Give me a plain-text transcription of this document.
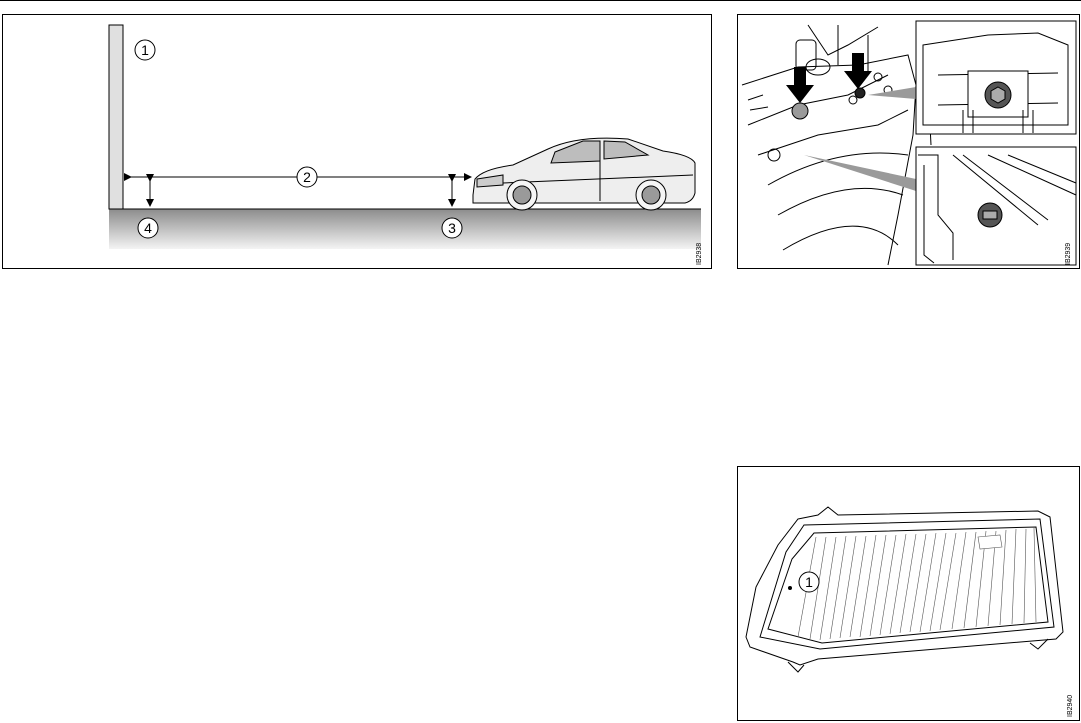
1
2
3
4
IB2938	IB2939
1
IB2940
